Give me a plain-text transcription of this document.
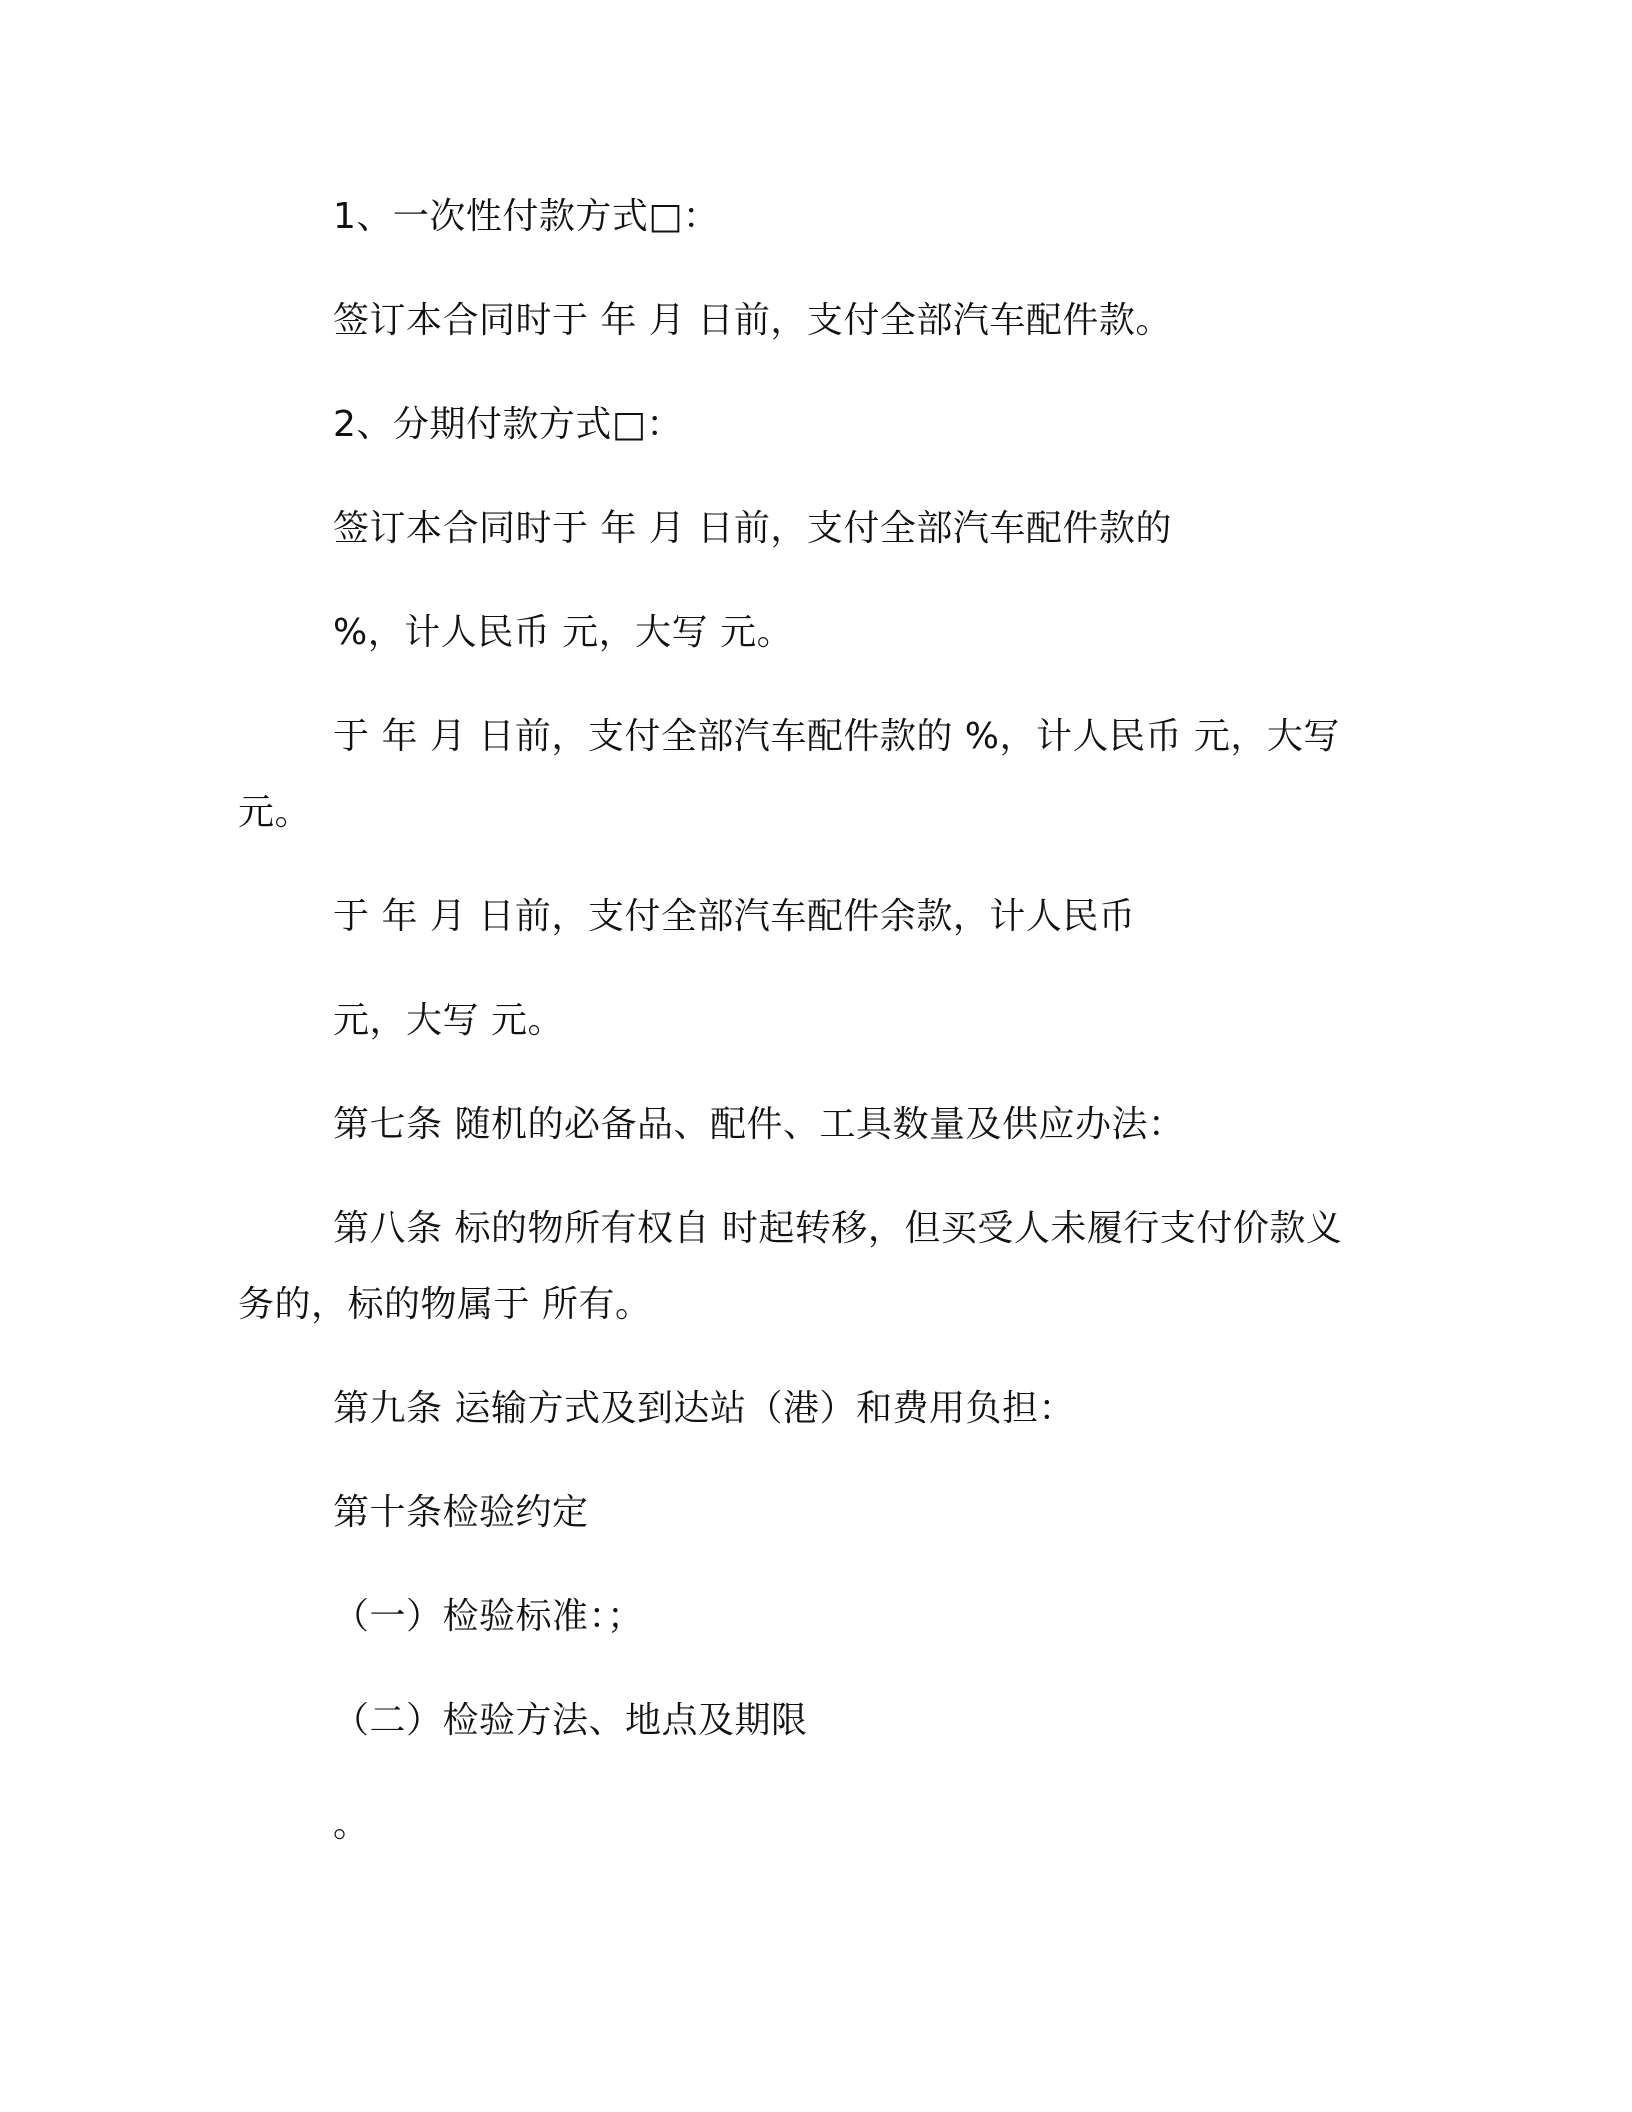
1、一次性付款方式□：
签订本合同时于 年 月 日前，支付全部汽车配件款。
2、分期付款方式□：
签订本合同时于 年 月 日前，支付全部汽车配件款的
%，计人民币 元，大写 元。
于 年 月 日前，支付全部汽车配件款的 %，计人民币 元，大写
元。
于 年 月 日前，支付全部汽车配件余款，计人民币
元，大写 元。
第七条 随机的必备品、配件、工具数量及供应办法：
第八条 标的物所有权自 时起转移，但买受人未履行支付价款义
务的，标的物属于 所有。
第九条 运输方式及到达站（港）和费用负担：
第十条检验约定
（一）检验标准：；
（二）检验方法、地点及期限
。
